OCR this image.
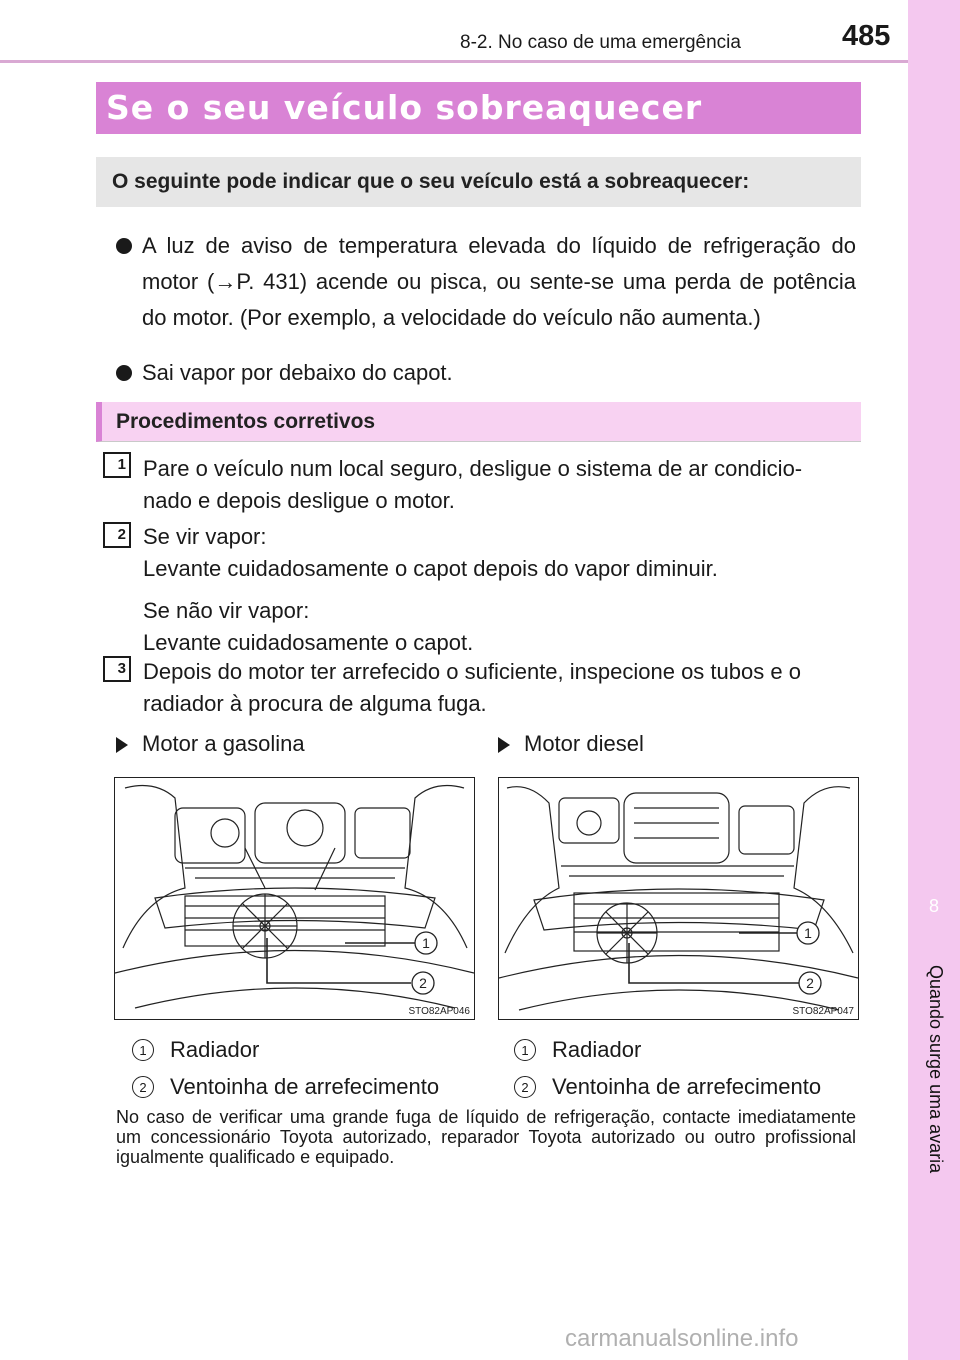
8
Quando surge uma avaria
8-2. No caso de uma emergência	485
Se o seu veículo sobreaquecer
O seguinte pode indicar que o seu veículo está a sobreaquecer:
A luz de aviso de temperatura elevada do líquido de refrigeração do motor (→P. 431) acende ou pisca, ou sente-se uma perda de potência do motor. (Por exemplo, a velocidade do veículo não aumenta.)
Sai vapor por debaixo do capot.
Procedimentos corretivos
1 Pare o veículo num local seguro, desligue o sistema de ar condicio-

nado e depois desligue o motor.

2 Se vir vapor:

Levante cuidadosamente o capot depois do vapor diminuir.

Se não vir vapor:

Levante cuidadosamente o capot.

3 Depois do motor ter arrefecido o suficiente, inspecione os tubos e o

radiador à procura de alguma fuga.

Motor a gasolina	Motor diesel
1
2
STO82AP046
1
2
STO82AP047
1	Radiador
2	Ventoinha de arrefecimento
1	Radiador
2	Ventoinha de arrefecimento
No caso de verificar uma grande fuga de líquido de refrigeração, contacte imediatamente um concessionário Toyota autorizado, reparador Toyota autorizado ou outro profissional igualmente qualificado e equipado.
carmanualsonline.info
